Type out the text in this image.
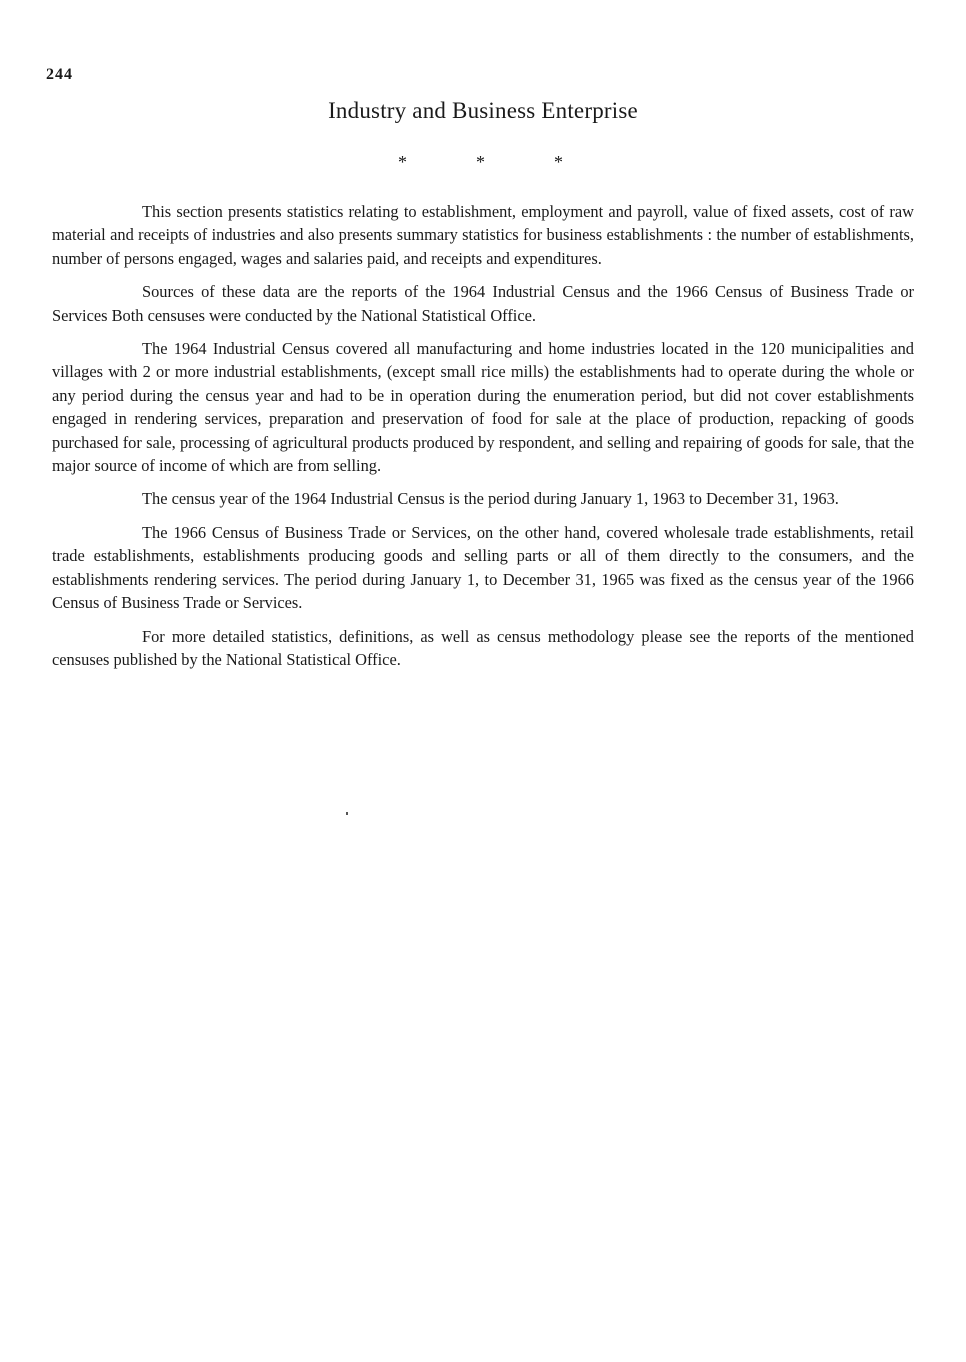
244
Industry and Business Enterprise
*	*	*

This section presents statistics relating to establishment, employment and payroll, value of fixed assets, cost of raw material and receipts of industries and also presents summary statistics for business establishments : the number of establishments, number of persons engaged, wages and salaries paid, and receipts and expenditures.

Sources of these data are the reports of the 1964 Industrial Census and the 1966 Census of Business Trade or Services Both censuses were conducted by the National Statistical Office.

The 1964 Industrial Census covered all manufacturing and home industries located in the 120 municipalities and villages with 2 or more industrial establishments, (except small rice mills) the establishments had to operate during the whole or any period during the census year and had to be in operation during the enumeration period, but did not cover establishments engaged in rendering services, preparation and preservation of food for sale at the place of production, repacking of goods purchased for sale, processing of agricultural products produced by respondent, and selling and repairing of goods for sale, that the major source of income of which are from selling.

The census year of the 1964 Industrial Census is the period during January 1, 1963 to December 31, 1963.

The 1966 Census of Business Trade or Services, on the other hand, covered wholesale trade establishments, retail trade establishments, establishments producing goods and selling parts or all of them directly to the consumers, and the establishments rendering services. The period during January 1, to December 31, 1965 was fixed as the census year of the 1966 Census of Business Trade or Services.

For more detailed statistics, definitions, as well as census methodology please see the reports of the mentioned censuses published by the National Statistical Office.
